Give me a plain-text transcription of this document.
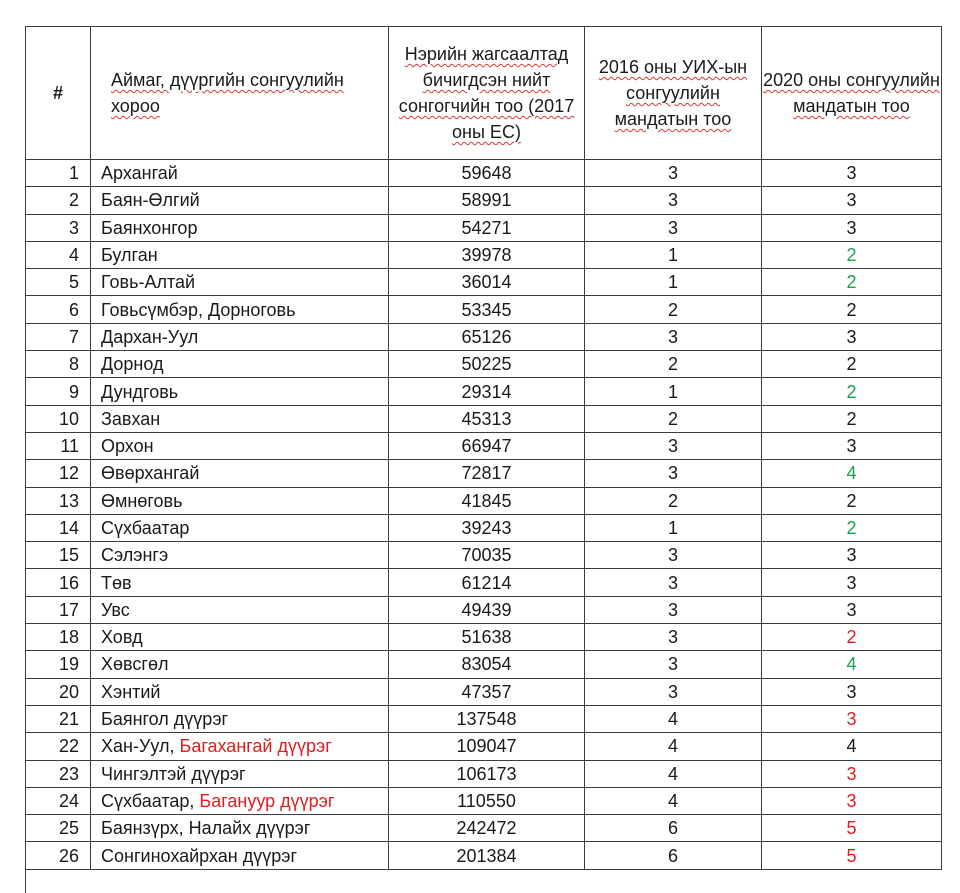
#	Аймаг, дүүргийн сонгуулийн хороо	Нэрийн жагсаалтад бичигдсэн нийт сонгогчийн тоо (2017 оны ЕС)	2016 оны УИХ-ын сонгуулийн мандатын тоо	2020 оны сонгуулийн мандатын тоо
1	Архангай	59648	3	3
2	Баян-Өлгий	58991	3	3
3	Баянхонгор	54271	3	3
4	Булган	39978	1	2
5	Говь-Алтай	36014	1	2
6	Говьсүмбэр, Дорноговь	53345	2	2
7	Дархан-Уул	65126	3	3
8	Дорнод	50225	2	2
9	Дундговь	29314	1	2
10	Завхан	45313	2	2
11	Орхон	66947	3	3
12	Өвөрхангай	72817	3	4
13	Өмнөговь	41845	2	2
14	Сүхбаатар	39243	1	2
15	Сэлэнгэ	70035	3	3
16	Төв	61214	3	3
17	Увс	49439	3	3
18	Ховд	51638	3	2
19	Хөвсгөл	83054	3	4
20	Хэнтий	47357	3	3
21	Баянгол дүүрэг	137548	4	3
22	Хан-Уул, Багахангай дүүрэг	109047	4	4
23	Чингэлтэй дүүрэг	106173	4	3
24	Сүхбаатар, Багануур дүүрэг	110550	4	3
25	Баянзүрх, Налайх дүүрэг	242472	6	5
26	Сонгинохайрхан дүүрэг	201384	6	5
